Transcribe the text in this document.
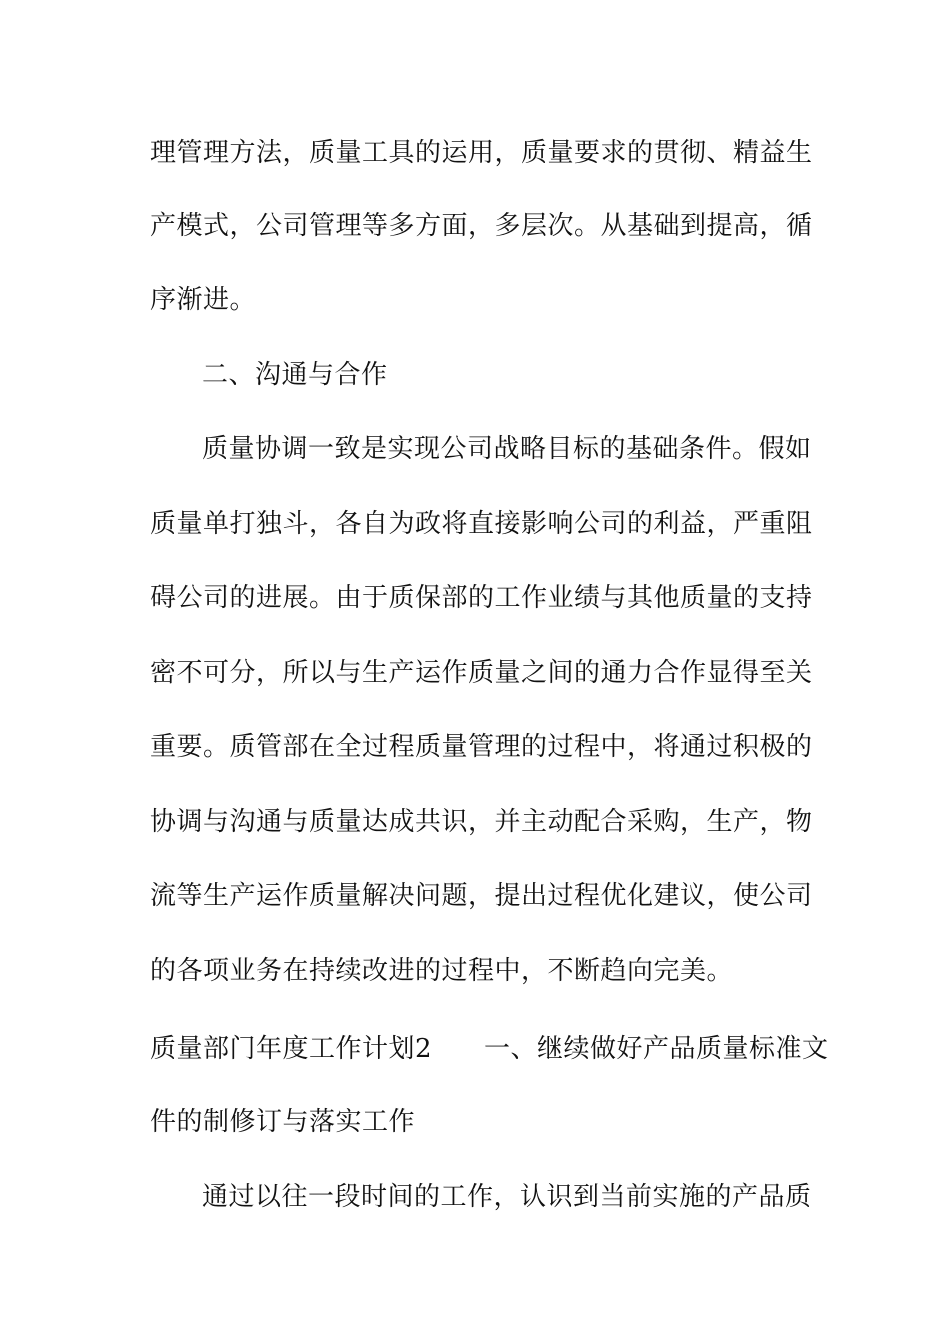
理管理方法，质量工具的运用，质量要求的贯彻、精益生
产模式，公司管理等多方面，多层次。从基础到提高，循
序渐进。
二、沟通与合作
质量协调一致是实现公司战略目标的基础条件。假如
质量单打独斗，各自为政将直接影响公司的利益，严重阻
碍公司的进展。由于质保部的工作业绩与其他质量的支持
密不可分，所以与生产运作质量之间的通力合作显得至关
重要。质管部在全过程质量管理的过程中，将通过积极的
协调与沟通与质量达成共识，并主动配合采购，生产，物
流等生产运作质量解决问题，提出过程优化建议，使公司
的各项业务在持续改进的过程中，不断趋向完美。
质量部门年度工作计划2 一、继续做好产品质量标准文
件的制修订与落实工作
通过以往一段时间的工作，认识到当前实施的产品质
